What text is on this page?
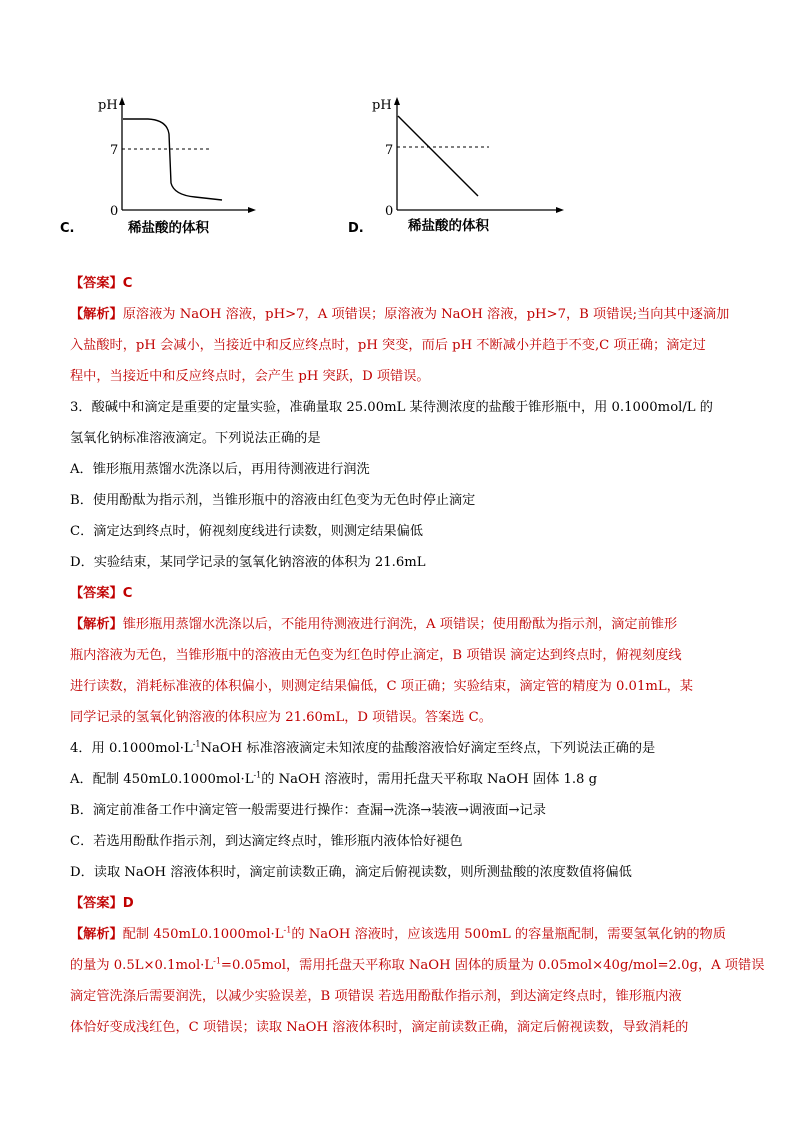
C.
pH
7
0
稀盐酸的体积	D.
pH
7
0
稀盐酸的体积
【答案】C
【解析】原溶液为 NaOH 溶液，pH>7，A 项错误；原溶液为 NaOH 溶液，pH>7，B 项错误;当向其中逐滴加
入盐酸时，pH 会减小，当接近中和反应终点时，pH 突变，而后 pH 不断减小并趋于不变,C 项正确；滴定过
程中，当接近中和反应终点时，会产生 pH 突跃，D 项错误。
3．酸碱中和滴定是重要的定量实验，准确量取 25.00mL 某待测浓度的盐酸于锥形瓶中，用 0.1000mol/L 的
氢氧化钠标准溶液滴定。下列说法正确的是
A．锥形瓶用蒸馏水洗涤以后，再用待测液进行润洗
B．使用酚酞为指示剂，当锥形瓶中的溶液由红色变为无色时停止滴定
C．滴定达到终点时，俯视刻度线进行读数，则测定结果偏低
D．实验结束，某同学记录的氢氧化钠溶液的体积为 21.6mL
【答案】C
【解析】锥形瓶用蒸馏水洗涤以后，不能用待测液进行润洗，A 项错误；使用酚酞为指示剂，滴定前锥形
瓶内溶液为无色，当锥形瓶中的溶液由无色变为红色时停止滴定，B 项错误 滴定达到终点时，俯视刻度线
进行读数，消耗标准液的体积偏小，则测定结果偏低，C 项正确；实验结束，滴定管的精度为 0.01mL，某
同学记录的氢氧化钠溶液的体积应为 21.60mL，D 项错误。答案选 C。
4．用 $0.1000mol\cdot L^{-1}NaOH$ 标准溶液滴定未知浓度的盐酸溶液恰好滴定至终点，下列说法正确的是
A．配制 $450mL0.1000mol\cdot L^{-1}$的 NaOH 溶液时，需用托盘天平称取 NaOH 固体 1.8 g
B．滴定前准备工作中滴定管一般需要进行操作：查漏→洗涤→装液→调液面→记录
C．若选用酚酞作指示剂，到达滴定终点时，锥形瓶内液体恰好褪色
D．读取 NaOH 溶液体积时，滴定前读数正确，滴定后俯视读数，则所测盐酸的浓度数值将偏低
【答案】D
【解析】配制 $450mL0.1000mol\cdot L^{-1}$的 NaOH 溶液时，应该选用 500mL 的容量瓶配制，需要氢氧化钠的物质
的量为 $0.5L\times 0.1mol\cdot L^{-1}=0.05mol$，需用托盘天平称取 NaOH 固体的质量为 0.05mol×40g/mol=2.0g，A 项错误
滴定管洗涤后需要润洗，以减少实验误差，B 项错误 若选用酚酞作指示剂，到达滴定终点时，锥形瓶内液
体恰好变成浅红色，C 项错误；读取 NaOH 溶液体积时，滴定前读数正确，滴定后俯视读数，导致消耗的
